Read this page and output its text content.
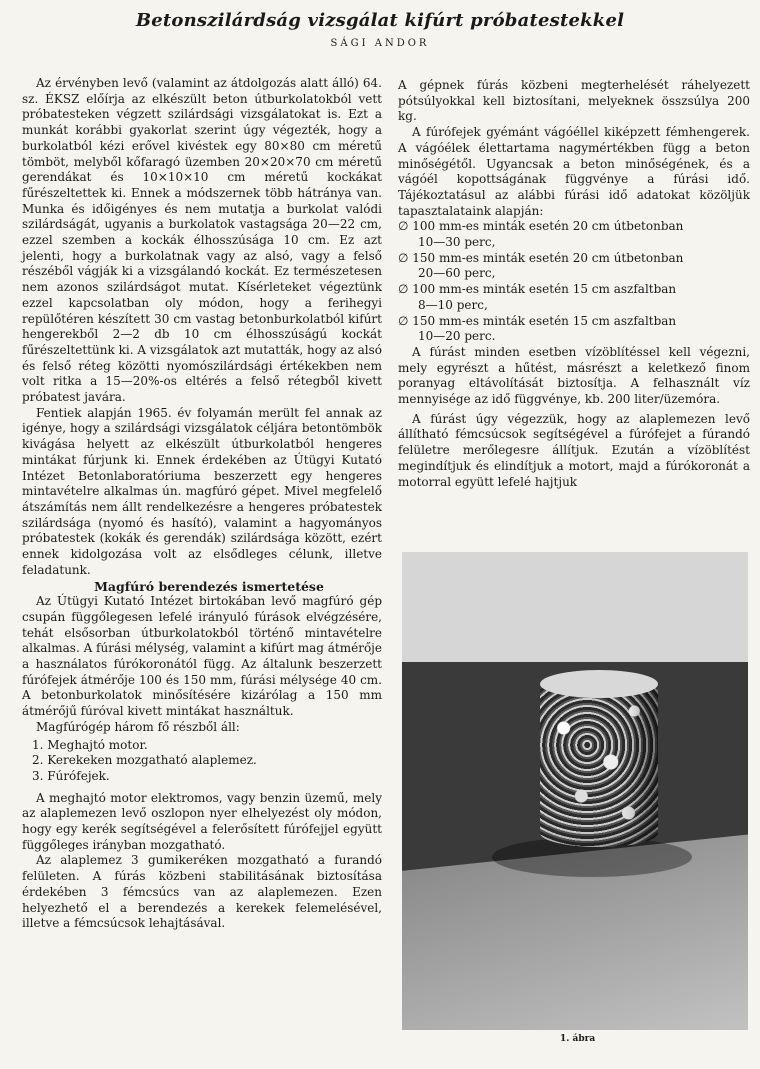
Betonszilárdság vizsgálat kifúrt próbatestekkel
SÁGI ANDOR

Az érvényben levő (valamint az átdolgozás alatt álló) 64. sz. ÉKSZ előírja az elkészült beton útburkolatokból vett próbatesteken végzett szilárdsági vizsgálatokat is. Ezt a munkát korábbi gyakorlat szerint úgy végezték, hogy a burkolatból kézi erővel kivéstek egy 80×80 cm méretű tömböt, melyből kőfaragó üzemben 20×20×70 cm méretű gerendákat és 10×10×10 cm méretű kockákat fűrészeltettek ki. Ennek a módszernek több hátránya van. Munka és időigényes és nem mutatja a burkolat valódi szilárdságát, ugyanis a burkolatok vastagsága 20—22 cm, ezzel szemben a kockák élhosszúsága 10 cm. Ez azt jelenti, hogy a burkolatnak vagy az alsó, vagy a felső részéből vágják ki a vizsgálandó kockát. Ez természetesen nem azonos szilárdságot mutat. Kísérleteket végeztünk ezzel kapcsolatban oly módon, hogy a ferihegyi repülőtéren készített 30 cm vastag betonburkolatból kifúrt hengerekből 2—2 db 10 cm élhosszúságú kockát fűrészeltettünk ki. A vizsgálatok azt mutatták, hogy az alsó és felső réteg közötti nyomószilárdsági értékekben nem volt ritka a 15—20%-os eltérés a felső rétegből kivett próbatest javára.

Fentiek alapján 1965. év folyamán merült fel annak az igénye, hogy a szilárdsági vizsgálatok céljára betontömbök kivágása helyett az elkészült útburkolatból hengeres mintákat fúrjunk ki. Ennek érdekében az Útügyi Kutató Intézet Betonlaboratóriuma beszerzett egy hengeres mintavételre alkalmas ún. magfúró gépet. Mivel megfelelő átszámítás nem állt rendelkezésre a hengeres próbatestek szilárdsága (nyomó és hasító), valamint a hagyományos próbatestek (kokák és gerendák) szilárdsága között, ezért ennek kidolgozása volt az elsődleges célunk, illetve feladatunk.

Magfúró berendezés ismertetése

Az Útügyi Kutató Intézet birtokában levő magfúró gép csupán függőlegesen lefelé irányuló fúrások elvégzésére, tehát elsősorban útburkolatokból történő mintavételre alkalmas. A fúrási mélység, valamint a kifúrt mag átmérője a használatos fúrókoronától függ. Az általunk beszerzett fúrófejek átmérője 100 és 150 mm, fúrási mélysége 40 cm. A betonburkolatok minősítésére kizárólag a 150 mm átmérőjű fúróval kivett mintákat használtuk.

Magfúrógép három fő részből áll:

1. Meghajtó motor.
2. Kerekeken mozgatható alaplemez.
3. Fúrófejek.

A meghajtó motor elektromos, vagy benzin üzemű, mely az alaplemezen levő oszlopon nyer elhelyezést oly módon, hogy egy kerék segítségével a felerősített fúrófejjel együtt függőleges irányban mozgatható.

Az alaplemez 3 gumikeréken mozgatható a furandó felületen. A fúrás közbeni stabilitásának biztosítása érdekében 3 fémcsúcs van az alaplemezen. Ezen helyezhető el a berendezés a kerekek felemelésével, illetve a fémcsúcsok lehajtásával.

A gépnek fúrás közbeni megterhelését ráhelyezett pótsúlyokkal kell biztosítani, melyeknek összsúlya 200 kg.

A fúrófejek gyémánt vágóéllel kiképzett fémhengerek. A vágóélek élettartama nagymértékben függ a beton minőségétől. Ugyancsak a beton minőségének, és a vágóél kopottságának függvénye a fúrási idő. Tájékoztatásul az alábbi fúrási idő adatokat közöljük tapasztalataink alapján:

∅ 100 mm-es minták esetén 20 cm útbetonban
10—30 perc,
∅ 150 mm-es minták esetén 20 cm útbetonban
20—60 perc,
∅ 100 mm-es minták esetén 15 cm aszfaltban
8—10 perc,
∅ 150 mm-es minták esetén 15 cm aszfaltban
10—20 perc.

A fúrást minden esetben vízöblítéssel kell végezni, mely egyrészt a hűtést, másrészt a keletkező finom poranyag eltávolítását biztosítja. A felhasznált víz mennyisége az idő függvénye, kb. 200 liter/üzemóra.

A fúrást úgy végezzük, hogy az alaplemezen levő állítható fémcsúcsok segítségével a fúrófejet a fúrandó felületre merőlegesre állítjuk. Ezután a vízöblítést megindítjuk és elindítjuk a motort, majd a fúrókoronát a motorral együtt lefelé hajtjuk

1. ábra
